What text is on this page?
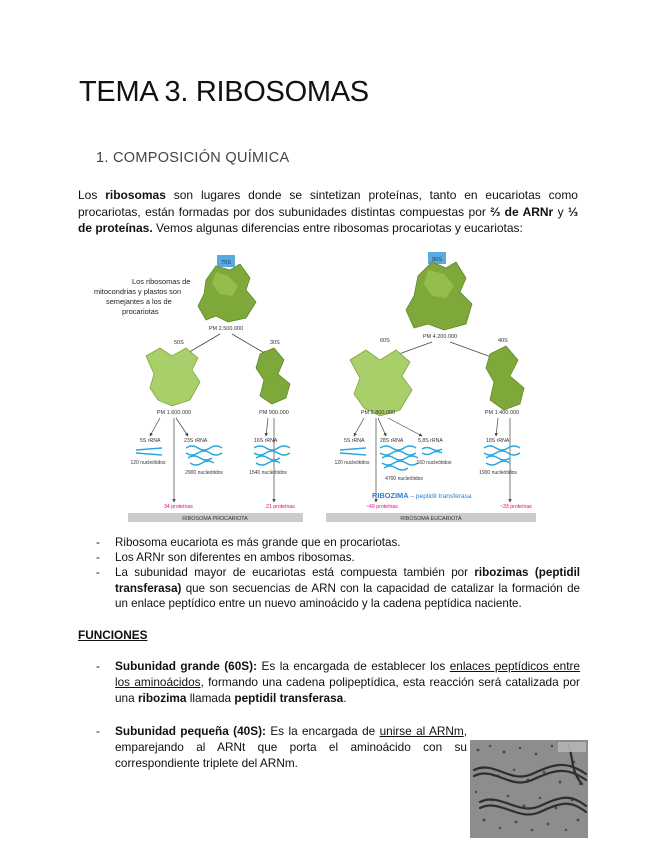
TEMA 3. RIBOSOMAS
1. COMPOSICIÓN QUÍMICA

Los ribosomas son lugares donde se sintetizan proteínas, tanto en eucariotas como procariotas, están formadas por dos subunidades distintas compuestas por ⅔ de ARNr y ⅓ de proteínas. Vemos algunas diferencias entre ribosomas procariotas y eucariotas:

Los ribosomas de
mitocondrias y plastos son
semejantes a los de
procariotas
70S
PM 2.500.000
50S
PM 1.600.000
30S
PM 900.000
5S rRNA
120 nucleótidos
23S rRNA
2900 nucleótidos
16S rRNA
1540 nucleótidos
34 proteínas	21 proteínas
RIBOSOMA PROCARIOTA
80S
PM 4.200.000
60S
PM 2.800.000
40S
PM 1.400.000
5S rRNA
120 nucleótidos
28S rRNA
4700 nucleótidos
5,8S rRNA
160 nucleótidos
18S rRNA
1900 nucleótidos
RIBOZIMA – peptidil transferasa
~49 proteínas	~33 proteínas
RIBOSOMA EUCARIOTA
- Ribosoma eucariota es más grande que en procariotas.
- Los ARNr son diferentes en ambos ribosomas.
- La subunidad mayor de eucariotas está compuesta también por ribozimas (peptidil transferasa) que son secuencias de ARN con la capacidad de catalizar la formación de un enlace peptídico entre un nuevo aminoácido y la cadena peptídica naciente.

FUNCIONES

- Subunidad grande (60S): Es la encargada de establecer los enlaces peptídicos entre los aminoácidos, formando una cadena polipeptídica, esta reacción será catalizada por una ribozima llamada peptidil transferasa.

- Subunidad pequeña (40S): Es la encargada de unirse al ARNm, emparejando al ARNt que porta el aminoácido con su correspondiente triplete del ARNm.
